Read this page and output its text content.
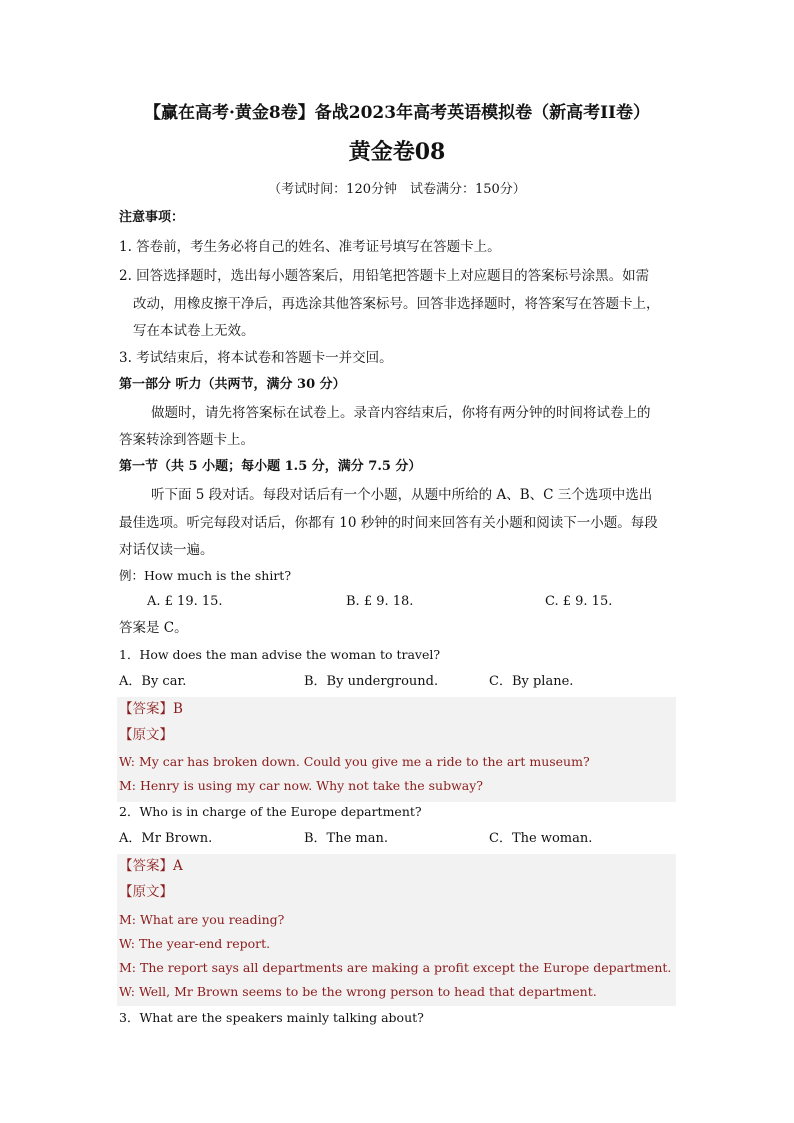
【赢在高考·黄金8卷】备战2023年高考英语模拟卷（新高考II卷）
黄金卷08
（考试时间：120分钟　试卷满分：150分）
注意事项：
1. 答卷前，考生务必将自己的姓名、准考证号填写在答题卡上。
2. 回答选择题时，选出每小题答案后，用铅笔把答题卡上对应题目的答案标号涂黑。如需
改动，用橡皮擦干净后，再选涂其他答案标号。回答非选择题时，将答案写在答题卡上，
写在本试卷上无效。
3. 考试结束后，将本试卷和答题卡一并交回。
第一部分 听力（共两节，满分 30 分）
做题时，请先将答案标在试卷上。录音内容结束后，你将有两分钟的时间将试卷上的
答案转涂到答题卡上。
第一节（共 5 小题；每小题 1.5 分，满分 7.5 分）
听下面 5 段对话。每段对话后有一个小题，从题中所给的 A、B、C 三个选项中选出
最佳选项。听完每段对话后，你都有 10 秒钟的时间来回答有关小题和阅读下一小题。每段
对话仅读一遍。
例：How much is the shirt?
A. £ 19. 15.	B. £ 9. 18.	C. £ 9. 15.
答案是 C。
1．How does the man advise the woman to travel?
A．By car.	B．By underground.	C．By plane.
【答案】B
【原文】
W: My car has broken down. Could you give me a ride to the art museum?
M: Henry is using my car now. Why not take the subway?
2．Who is in charge of the Europe department?
A．Mr Brown.	B．The man.	C．The woman.
【答案】A
【原文】
M: What are you reading?
W: The year-end report.
M: The report says all departments are making a profit except the Europe department.
W: Well, Mr Brown seems to be the wrong person to head that department.
3．What are the speakers mainly talking about?
